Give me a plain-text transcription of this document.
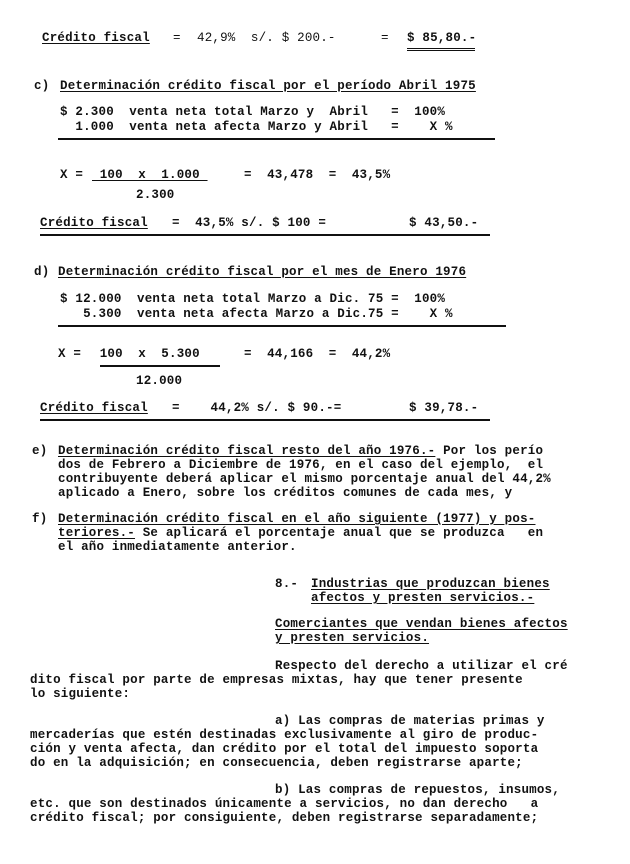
Crédito fiscal = 42,9%  s/. $ 200.-	= $ 85,80.-
c) Determinación crédito fiscal por el período Abril 1975
$ 2.300  venta neta total Marzo y  Abril   =  100%
1.000  venta neta afecta Marzo y Abril   =    X %
X = 100  x  1.000	=  43,478  =  43,5%
2.300
Crédito fiscal =  43,5% s/. $ 100 =	$ 43,50.-
d) Determinación crédito fiscal por el mes de Enero 1976
$ 12.000  venta neta total Marzo a Dic. 75 =  100%
5.300  venta neta afecta Marzo a Dic.75 =    X %
X = 100  x  5.300	=  44,166  =  44,2%
12.000
Crédito fiscal =    44,2% s/. $ 90.-=	$ 39,78.-
e) Determinación crédito fiscal resto del año 1976.- Por los perío
dos de Febrero a Diciembre de 1976, en el caso del ejemplo,  el
contribuyente deberá aplicar el mismo porcentaje anual del 44,2%
aplicado a Enero, sobre los créditos comunes de cada mes, y
f) Determinación crédito fiscal en el año siguiente (1977) y pos-
teriores.- Se aplicará el porcentaje anual que se produzca   en
el año inmediatamente anterior.
8.- Industrias que produzcan bienes
afectos y presten servicios.-
Comerciantes que vendan bienes afectos
y presten servicios.
Respecto del derecho a utilizar el cré
dito fiscal por parte de empresas mixtas, hay que tener presente
lo siguiente:
a) Las compras de materias primas y
mercaderías que estén destinadas exclusivamente al giro de produc-
ción y venta afecta, dan crédito por el total del impuesto soporta
do en la adquisición; en consecuencia, deben registrarse aparte;
b) Las compras de repuestos, insumos,
etc. que son destinados únicamente a servicios, no dan derecho   a
crédito fiscal; por consiguiente, deben registrarse separadamente;
